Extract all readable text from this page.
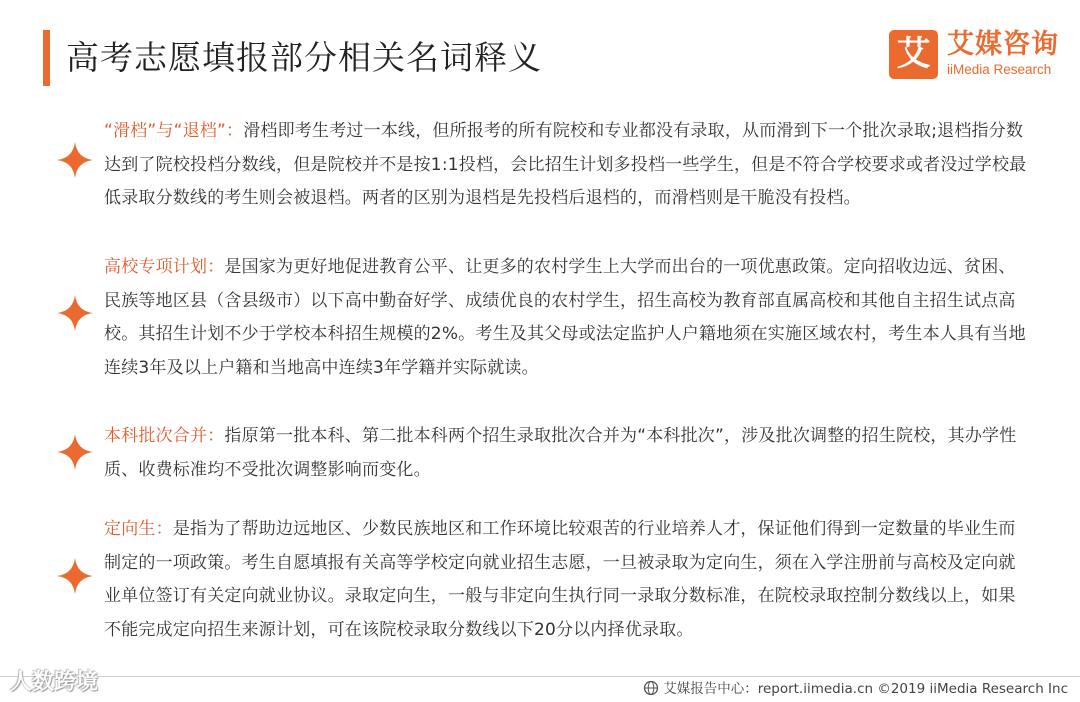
高考志愿填报部分相关名词释义	艾 艾媒咨询
iiMedia Research

“滑档”与“退档”：滑档即考生考过一本线，但所报考的所有院校和专业都没有录取，从而滑到下一个批次录取;退档指分数达到了院校投档分数线，但是院校并不是按1:1投档，会比招生计划多投档一些学生，但是不符合学校要求或者没过学校最低录取分数线的考生则会被退档。两者的区别为退档是先投档后退档的，而滑档则是干脆没有投档。

高校专项计划：是国家为更好地促进教育公平、让更多的农村学生上大学而出台的一项优惠政策。定向招收边远、贫困、民族等地区县（含县级市）以下高中勤奋好学、成绩优良的农村学生，招生高校为教育部直属高校和其他自主招生试点高校。其招生计划不少于学校本科招生规模的2%。考生及其父母或法定监护人户籍地须在实施区域农村，考生本人具有当地连续3年及以上户籍和当地高中连续3年学籍并实际就读。

本科批次合并：指原第一批本科、第二批本科两个招生录取批次合并为“本科批次”，涉及批次调整的招生院校，其办学性质、收费标准均不受批次调整影响而变化。

定向生：是指为了帮助边远地区、少数民族地区和工作环境比较艰苦的行业培养人才，保证他们得到一定数量的毕业生而制定的一项政策。考生自愿填报有关高等学校定向就业招生志愿，一旦被录取为定向生，须在入学注册前与高校及定向就业单位签订有关定向就业协议。录取定向生，一般与非定向生执行同一录取分数标准，在院校录取控制分数线以上，如果不能完成定向招生来源计划，可在该院校录取分数线以下20分以内择优录取。

人数跨境	艾媒报告中心：report.iimedia.cn ©2019 iiMedia Research Inc
